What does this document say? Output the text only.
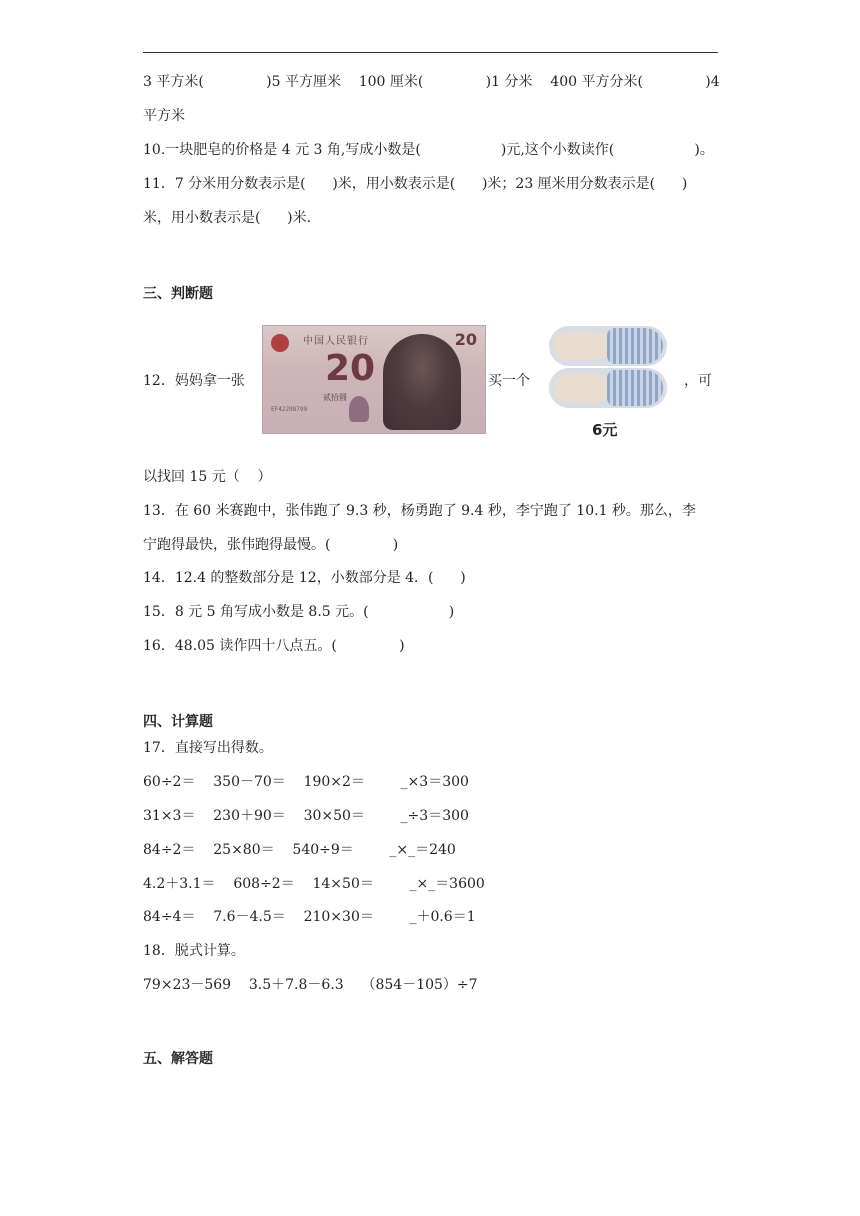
3 平方米(              )5 平方厘米    100 厘米(              )1 分米    400 平方分米(              )4
平方米
10.一块肥皂的价格是 4 元 3 角,写成小数是(                  )元,这个小数读作(                  )。
11．7 分米用分数表示是(      )米，用小数表示是(      )米；23 厘米用分数表示是(      )
米，用小数表示是(      )米.
三、判断题
12．妈妈拿一张
中国人民银行
20
20
贰拾圆
EF42298799
买一个
6元
，可
以找回 15 元（    ）
13．在 60 米赛跑中，张伟跑了 9.3 秒，杨勇跑了 9.4 秒，李宁跑了 10.1 秒。那么，李
宁跑得最快，张伟跑得最慢。(              )
14．12.4 的整数部分是 12，小数部分是 4．(      )
15．8 元 5 角写成小数是 8.5 元。(                  )
16．48.05 读作四十八点五。(              )
四、计算题
17．直接写出得数。
60÷2＝    350－70＝    190×2＝        _×3＝300
31×3＝    230＋90＝    30×50＝        _÷3＝300
84÷2＝    25×80＝    540÷9＝        _×_＝240
4.2＋3.1＝    608÷2＝    14×50＝        _×_＝3600
84÷4＝    7.6－4.5＝    210×30＝        _＋0.6＝1
18．脱式计算。
79×23－569    3.5＋7.8－6.3    （854－105）÷7
五、解答题
